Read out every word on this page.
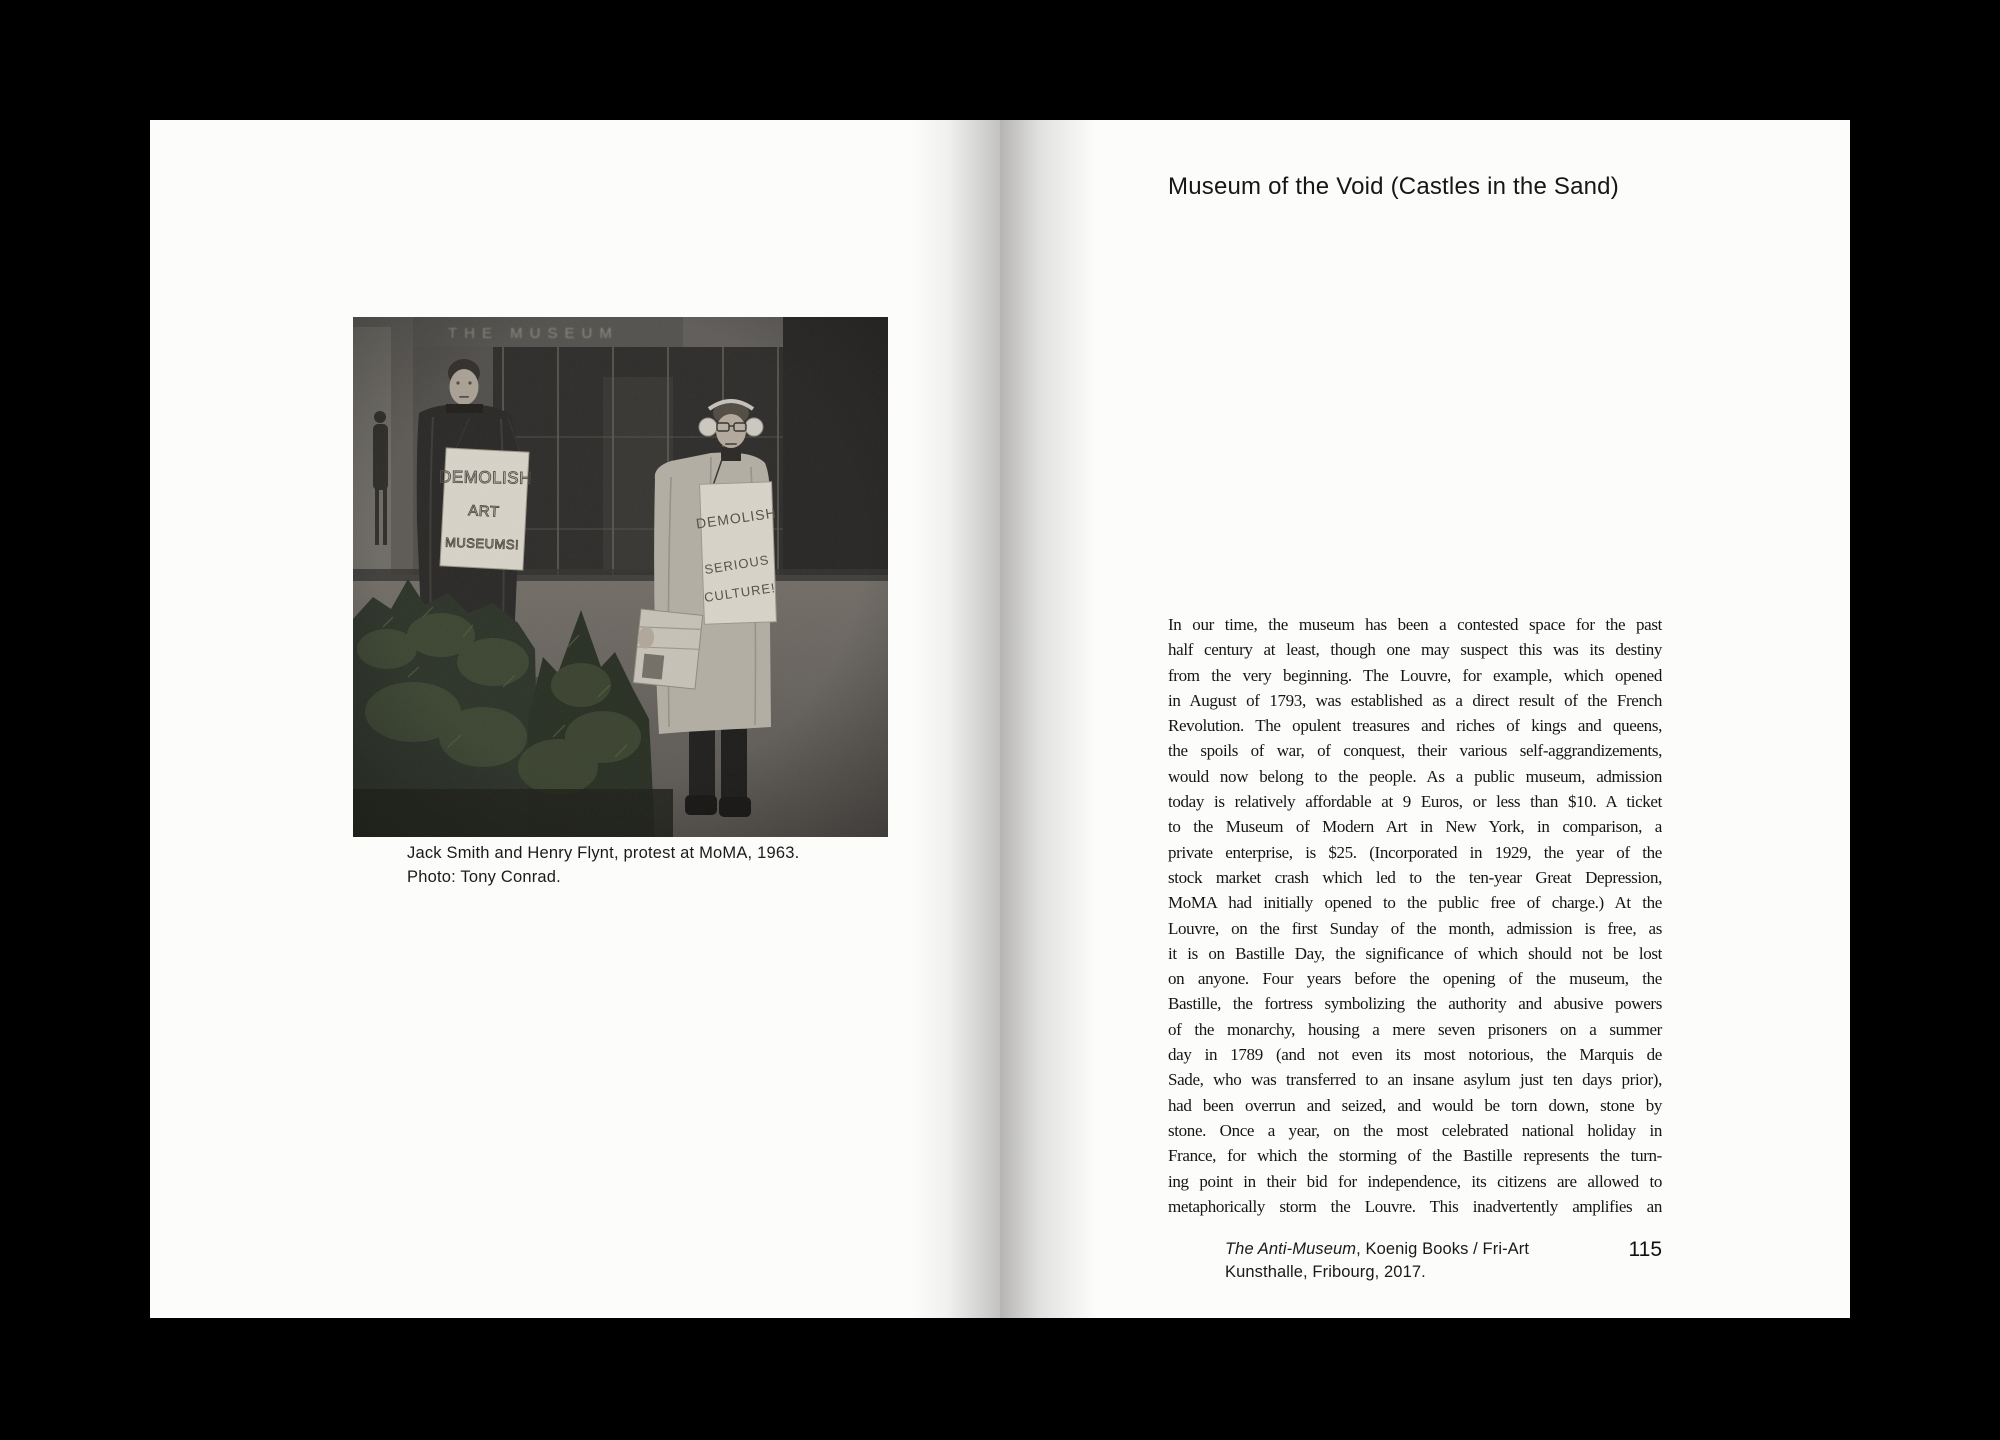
Jack Smith and Henry Flynt, protest at MoMA, 1963.
Photo: Tony Conrad.
Museum of the Void (Castles in the Sand)
In our time, the museum has been a contested space for the past
half century at least, though one may suspect this was its destiny
from the very beginning. The Louvre, for example, which opened
in August of 1793, was established as a direct result of the French
Revolution. The opulent treasures and riches of kings and queens,
the spoils of war, of conquest, their various self-aggrandizements,
would now belong to the people. As a public museum, admission
today is relatively affordable at 9 Euros, or less than $10. A ticket
to the Museum of Modern Art in New York, in comparison, a
private enterprise, is $25. (Incorporated in 1929, the year of the
stock market crash which led to the ten-year Great Depression,
MoMA had initially opened to the public free of charge.) At the
Louvre, on the first Sunday of the month, admission is free, as
it is on Bastille Day, the significance of which should not be lost
on anyone. Four years before the opening of the museum, the
Bastille, the fortress symbolizing the authority and abusive powers
of the monarchy, housing a mere seven prisoners on a summer
day in 1789 (and not even its most notorious, the Marquis de
Sade, who was transferred to an insane asylum just ten days prior),
had been overrun and seized, and would be torn down, stone by
stone. Once a year, on the most celebrated national holiday in
France, for which the storming of the Bastille represents the turn-
ing point in their bid for independence, its citizens are allowed to
metaphorically storm the Louvre. This inadvertently amplifies an
The Anti-Museum, Koenig Books / Fri-Art
Kunsthalle, Fribourg, 2017.
115
